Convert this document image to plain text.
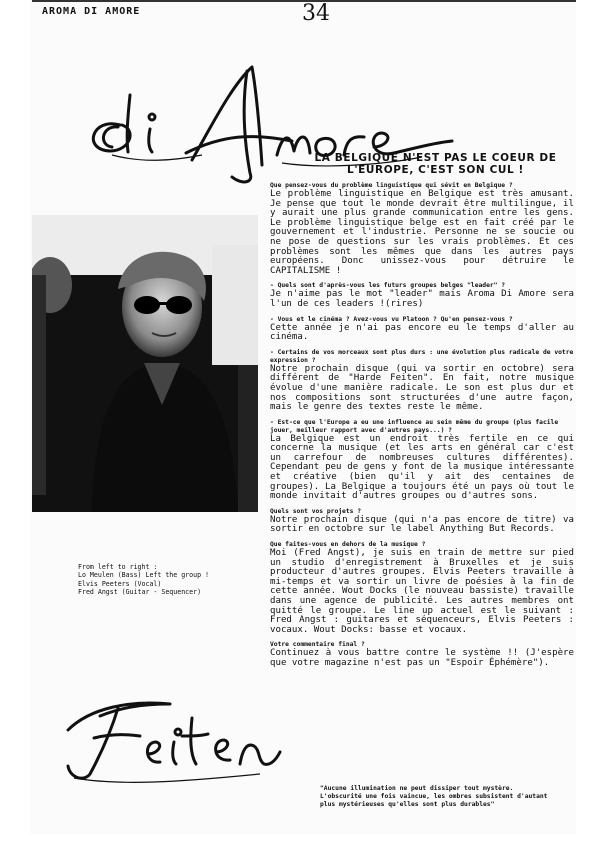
AROMA DI AMORE	34
LA BELGIQUE N'EST PAS LE COEUR DE L'EUROPE, C'EST SON CUL !
From left to right :
Lo Meulen (Bass) Left the group !
Elvis Peeters (Vocal)
Fred Angst (Guitar - Sequencer)

Que pensez-vous du problème linguistique qui sévit en Belgique ?

Le problème linguistique en Belgique est très amusant. Je pense que tout le monde devrait être multilingue, il y aurait une plus grande communication entre les gens. Le problème linguistique belge est en fait créé par le gouvernement et l'industrie. Personne ne se soucie ou ne pose de questions sur les vrais problèmes. Et ces problèmes sont les mêmes que dans les autres pays européens. Donc unissez-vous pour détruire le CAPITALISME !

- Quels sont d'après-vous les futurs groupes belges "leader" ?

Je n'aime pas le mot "leader" mais Aroma Di Amore sera l'un de ces leaders !(rires)

- Vous et le cinéma ? Avez-vous vu Platoon ? Qu'en pensez-vous ?

Cette année je n'ai pas encore eu le temps d'aller au cinéma.

- Certains de vos morceaux sont plus durs : une évolution plus radicale de votre expression ?

Notre prochain disque (qui va sortir en octobre) sera différent de "Harde Feiten". En fait, notre musique évolue d'une manière radicale. Le son est plus dur et nos compositions sont structurées d'une autre façon, mais le genre des textes reste le même.

- Est-ce que l'Europe a eu une influence au sein même du groupe (plus facile jouer, meilleur rapport avec d'autres pays...) ?

La Belgique est un endroit très fertile en ce qui concerne la musique (et les arts en général car c'est un carrefour de nombreuses cultures différentes). Cependant peu de gens y font de la musique intéressante et créative (bien qu'il y ait des centaines de groupes). La Belgique a toujours été un pays où tout le monde invitait d'autres groupes ou d'autres sons.

Quels sont vos projets ?

Notre prochain disque (qui n'a pas encore de titre) va sortir en octobre sur le label Anything But Records.

Que faites-vous en dehors de la musique ?

Moi (Fred Angst), je suis en train de mettre sur pied un studio d'enregistrement à Bruxelles et je suis producteur d'autres groupes. Elvis Peeters travaille à mi-temps et va sortir un livre de poésies à la fin de cette année. Wout Docks (le nouveau bassiste) travaille dans une agence de publicité. Les autres membres ont quitté le groupe. Le line up actuel est le suivant : Fred Angst : guitares et séquenceurs, Elvis Peeters : vocaux. Wout Docks: basse et vocaux.

Votre commentaire final ?

Continuez à vous battre contre le système !! (J'espère que votre magazine n'est pas un "Espoir Éphémère").

"Aucune illumination ne peut dissiper tout mystère.
L'obscurité une fois vaincue, les ombres subsistent d'autant plus mystérieuses qu'elles sont plus durables"
